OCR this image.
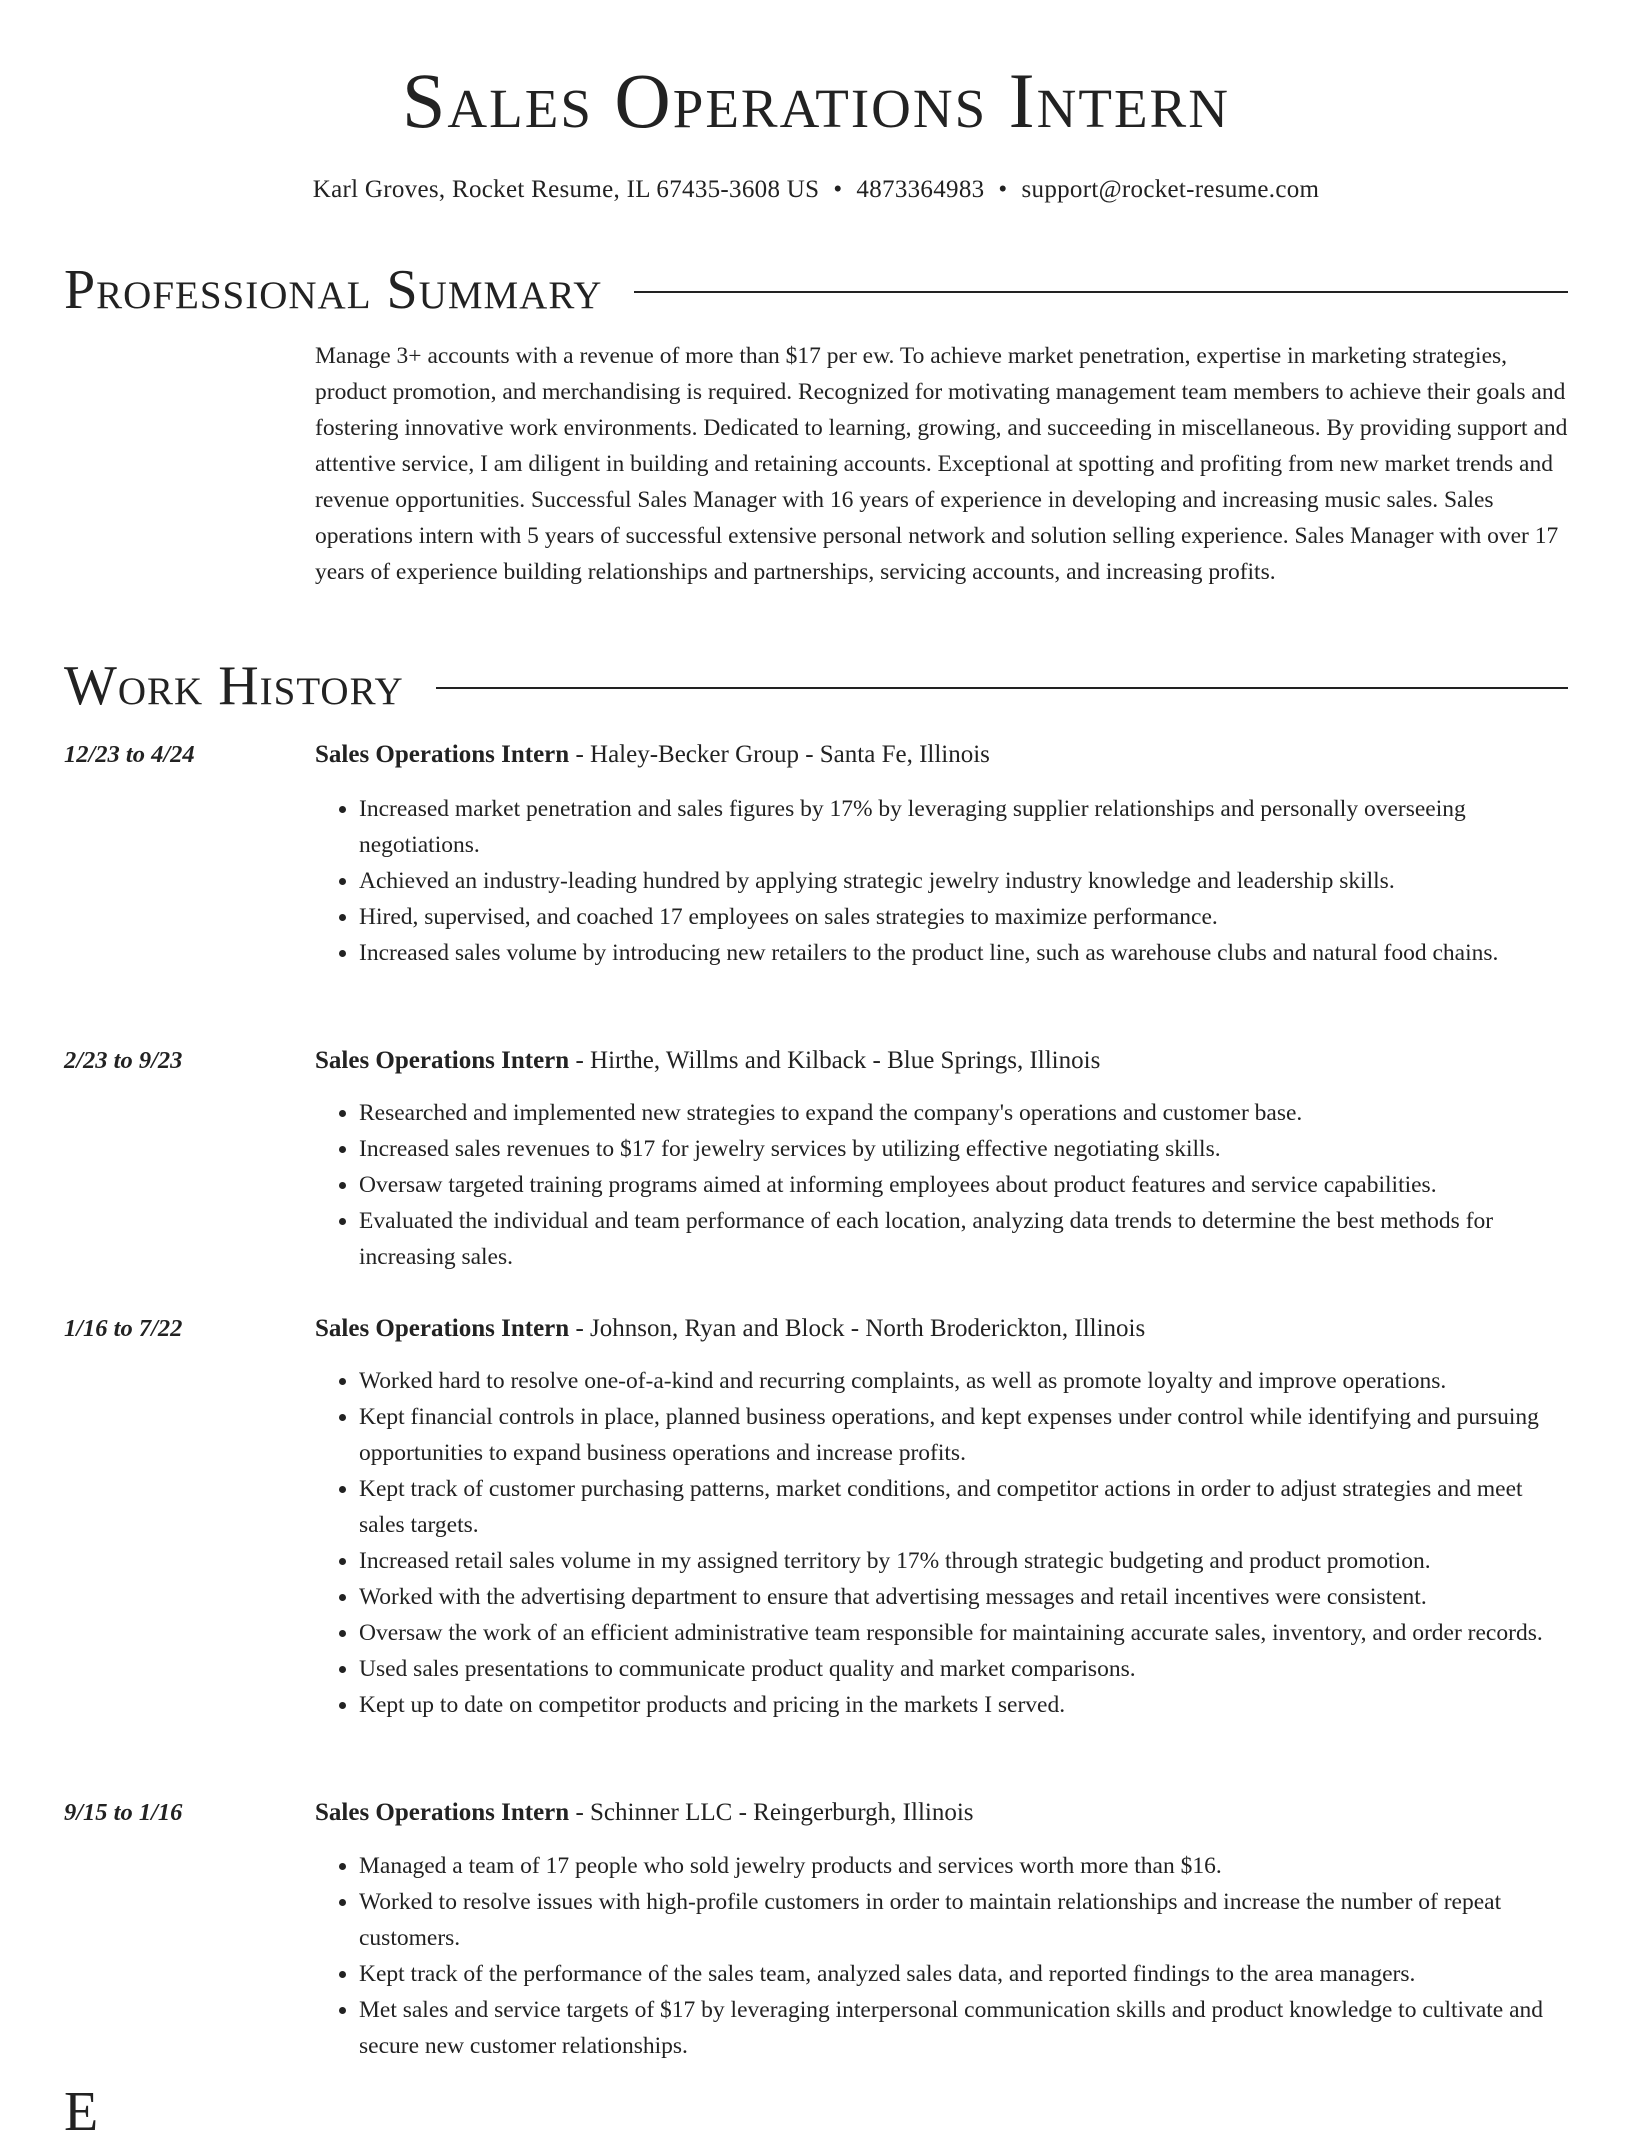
Sales Operations Intern
Karl Groves, Rocket Resume, IL 67435-3608 US • 4873364983 • support@rocket-resume.com
Professional Summary
Manage 3+ accounts with a revenue of more than $17 per ew. To achieve market penetration, expertise in marketing strategies, product promotion, and merchandising is required. Recognized for motivating management team members to achieve their goals and fostering innovative work environments. Dedicated to learning, growing, and succeeding in miscellaneous. By providing support and attentive service, I am diligent in building and retaining accounts. Exceptional at spotting and profiting from new market trends and revenue opportunities. Successful Sales Manager with 16 years of experience in developing and increasing music sales. Sales operations intern with 5 years of successful extensive personal network and solution selling experience. Sales Manager with over 17 years of experience building relationships and partnerships, servicing accounts, and increasing profits.
Work History
12/23 to 4/24	Sales Operations Intern - Haley-Becker Group - Santa Fe, Illinois
• Increased market penetration and sales figures by 17% by leveraging supplier relationships and personally overseeing negotiations.
• Achieved an industry-leading hundred by applying strategic jewelry industry knowledge and leadership skills.
• Hired, supervised, and coached 17 employees on sales strategies to maximize performance.
• Increased sales volume by introducing new retailers to the product line, such as warehouse clubs and natural food chains.
2/23 to 9/23	Sales Operations Intern - Hirthe, Willms and Kilback - Blue Springs, Illinois
• Researched and implemented new strategies to expand the company's operations and customer base.
• Increased sales revenues to $17 for jewelry services by utilizing effective negotiating skills.
• Oversaw targeted training programs aimed at informing employees about product features and service capabilities.
• Evaluated the individual and team performance of each location, analyzing data trends to determine the best methods for increasing sales.
1/16 to 7/22	Sales Operations Intern - Johnson, Ryan and Block - North Broderickton, Illinois
• Worked hard to resolve one-of-a-kind and recurring complaints, as well as promote loyalty and improve operations.
• Kept financial controls in place, planned business operations, and kept expenses under control while identifying and pursuing opportunities to expand business operations and increase profits.
• Kept track of customer purchasing patterns, market conditions, and competitor actions in order to adjust strategies and meet sales targets.
• Increased retail sales volume in my assigned territory by 17% through strategic budgeting and product promotion.
• Worked with the advertising department to ensure that advertising messages and retail incentives were consistent.
• Oversaw the work of an efficient administrative team responsible for maintaining accurate sales, inventory, and order records.
• Used sales presentations to communicate product quality and market comparisons.
• Kept up to date on competitor products and pricing in the markets I served.
9/15 to 1/16	Sales Operations Intern - Schinner LLC - Reingerburgh, Illinois
• Managed a team of 17 people who sold jewelry products and services worth more than $16.
• Worked to resolve issues with high-profile customers in order to maintain relationships and increase the number of repeat customers.
• Kept track of the performance of the sales team, analyzed sales data, and reported findings to the area managers.
• Met sales and service targets of $17 by leveraging interpersonal communication skills and product knowledge to cultivate and secure new customer relationships.
E
